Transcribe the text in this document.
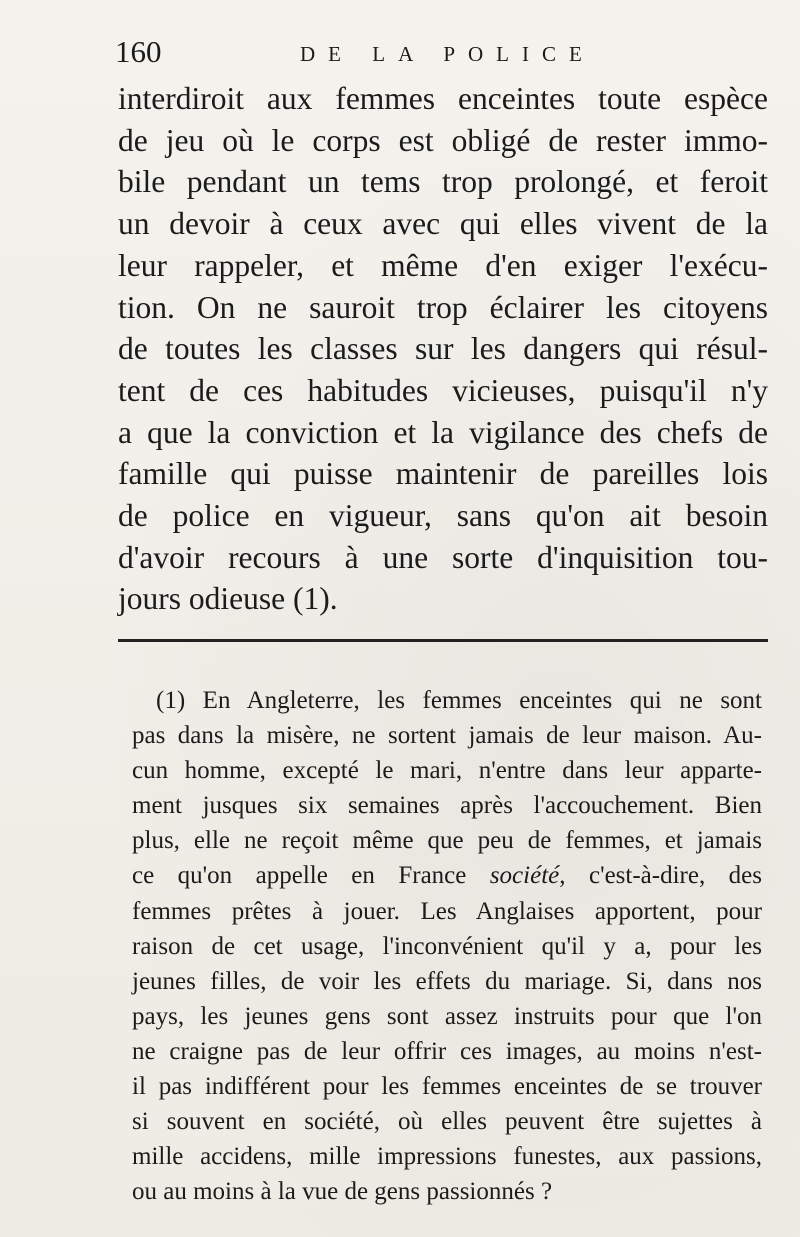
160	DE LA POLICE
interdiroit aux femmes enceintes toute espèce
de jeu où le corps est obligé de rester immo-
bile pendant un tems trop prolongé, et feroit
un devoir à ceux avec qui elles vivent de la
leur rappeler, et même d'en exiger l'exécu-
tion. On ne sauroit trop éclairer les citoyens
de toutes les classes sur les dangers qui résul-
tent de ces habitudes vicieuses, puisqu'il n'y
a que la conviction et la vigilance des chefs de
famille qui puisse maintenir de pareilles lois
de police en vigueur, sans qu'on ait besoin
d'avoir recours à une sorte d'inquisition tou-
jours odieuse (1).
(1) En Angleterre, les femmes enceintes qui ne sont
pas dans la misère, ne sortent jamais de leur maison. Au-
cun homme, excepté le mari, n'entre dans leur apparte-
ment jusques six semaines après l'accouchement. Bien
plus, elle ne reçoit même que peu de femmes, et jamais
ce qu'on appelle en France société, c'est-à-dire, des
femmes prêtes à jouer. Les Anglaises apportent, pour
raison de cet usage, l'inconvénient qu'il y a, pour les
jeunes filles, de voir les effets du mariage. Si, dans nos
pays, les jeunes gens sont assez instruits pour que l'on
ne craigne pas de leur offrir ces images, au moins n'est-
il pas indifférent pour les femmes enceintes de se trouver
si souvent en société, où elles peuvent être sujettes à
mille accidens, mille impressions funestes, aux passions,
ou au moins à la vue de gens passionnés ?
